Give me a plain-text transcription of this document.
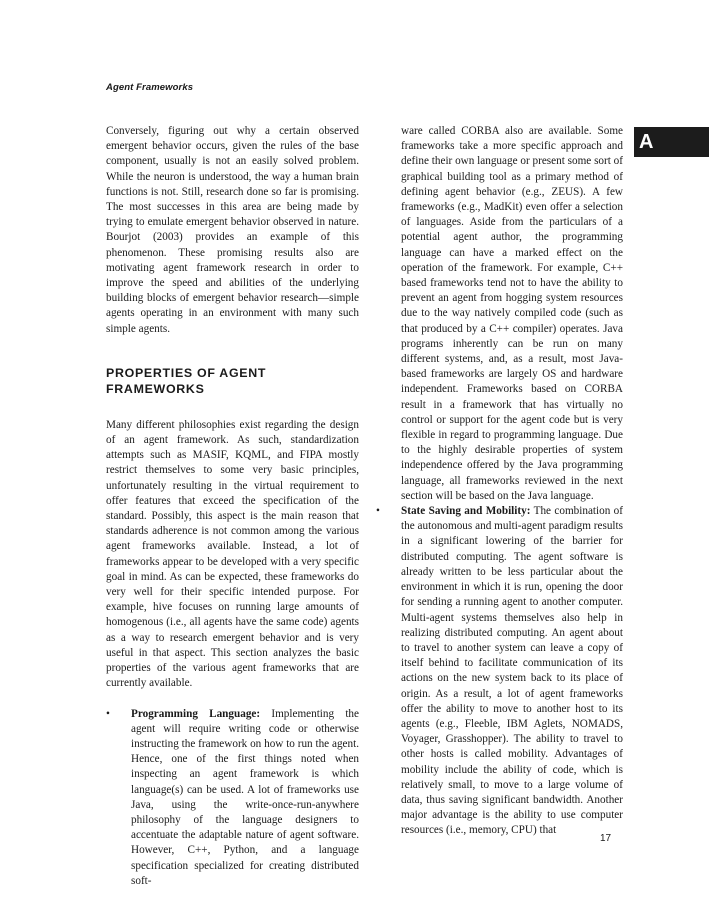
Agent Frameworks
A

Conversely, figuring out why a certain observed emergent behavior occurs, given the rules of the base component, usually is not an easily solved problem. While the neuron is understood, the way a human brain functions is not. Still, research done so far is promising. The most successes in this area are being made by trying to emulate emergent behavior observed in nature. Bourjot (2003) provides an example of this phenomenon. These promising results also are motivating agent framework research in order to improve the speed and abilities of the underlying building blocks of emergent behavior research—simple agents operating in an environment with many such simple agents.

PROPERTIES OF AGENT FRAMEWORKS

Many different philosophies exist regarding the design of an agent framework. As such, standardization attempts such as MASIF, KQML, and FIPA mostly restrict themselves to some very basic principles, unfortunately resulting in the virtual requirement to offer features that exceed the specification of the standard. Possibly, this aspect is the main reason that standards adherence is not common among the various agent frameworks available. Instead, a lot of frameworks appear to be developed with a very specific goal in mind. As can be expected, these frameworks do very well for their specific intended purpose. For example, hive focuses on running large amounts of homogenous (i.e., all agents have the same code) agents as a way to research emergent behavior and is very useful in that aspect. This section analyzes the basic properties of the various agent frameworks that are currently available.

• Programming Language: Implementing the agent will require writing code or otherwise instructing the framework on how to run the agent. Hence, one of the first things noted when inspecting an agent framework is which language(s) can be used. A lot of frameworks use Java, using the write-once-run-anywhere philosophy of the language designers to accentuate the adaptable nature of agent software. However, C++, Python, and a language specification specialized for creating distributed soft-

ware called CORBA also are available. Some frameworks take a more specific approach and define their own language or present some sort of graphical building tool as a primary method of defining agent behavior (e.g., ZEUS). A few frameworks (e.g., MadKit) even offer a selection of languages. Aside from the particulars of a potential agent author, the programming language can have a marked effect on the operation of the framework. For example, C++ based frameworks tend not to have the ability to prevent an agent from hogging system resources due to the way natively compiled code (such as that produced by a C++ compiler) operates. Java programs inherently can be run on many different systems, and, as a result, most Java-based frameworks are largely OS and hardware independent. Frameworks based on CORBA result in a framework that has virtually no control or support for the agent code but is very flexible in regard to programming language. Due to the highly desirable properties of system independence offered by the Java programming language, all frameworks reviewed in the next section will be based on the Java language.

• State Saving and Mobility: The combination of the autonomous and multi-agent paradigm results in a significant lowering of the barrier for distributed computing. The agent software is already written to be less particular about the environment in which it is run, opening the door for sending a running agent to another computer. Multi-agent systems themselves also help in realizing distributed computing. An agent about to travel to another system can leave a copy of itself behind to facilitate communication of its actions on the new system back to its place of origin. As a result, a lot of agent frameworks offer the ability to move to another host to its agents (e.g., Fleeble, IBM Aglets, NOMADS, Voyager, Grasshopper). The ability to travel to other hosts is called mobility. Advantages of mobility include the ability of code, which is relatively small, to move to a large volume of data, thus saving significant bandwidth. Another major advantage is the ability to use computer resources (i.e., memory, CPU) that
17
